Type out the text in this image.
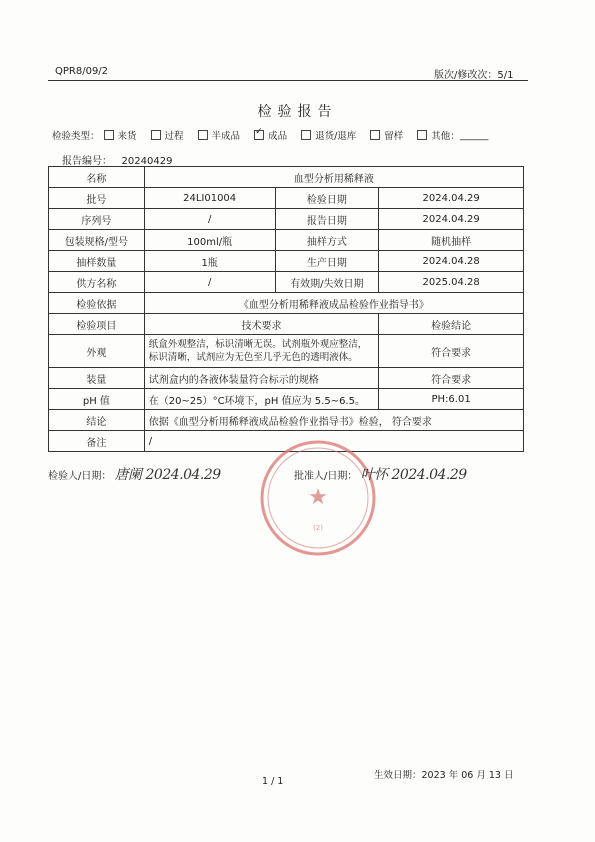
QPR8/09/2	版次/修改次：5/1
检验报告
检验类型： 来货	过程	半成品 ✓	成品	退货/退库	留样	其他： ______
报告编号： 20240429
名称	血型分析用稀释液		
批号	24LI01004	检验日期	2024.04.29
序列号	/	报告日期	2024.04.29
包装规格/型号	100ml/瓶	抽样方式	随机抽样
抽样数量	1瓶	生产日期	2024.04.28
供方名称	/	有效期/失效日期	2025.04.28
检验依据	《血型分析用稀释液成品检验作业指导书》		
检验项目	技术要求		检验结论
外观	纸盒外观整洁，标识清晰无误。试剂瓶外观应整洁，标识清晰，试剂应为无色至几乎无色的透明液体。		符合要求
装量	试剂盒内的各液体装量符合标示的规格		符合要求
pH 值	在（20~25）°C环境下，pH 值应为 5.5~6.5。		PH:6.01
结论	依据《血型分析用稀释液成品检验作业指导书》检验， 符合要求		
备注	/		
★
(2)
检验人/日期： 唐阑 2024.04.29	批准人/日期： 叶怀 2024.04.29
1 / 1
生效日期：2023 年 06 月 13 日
